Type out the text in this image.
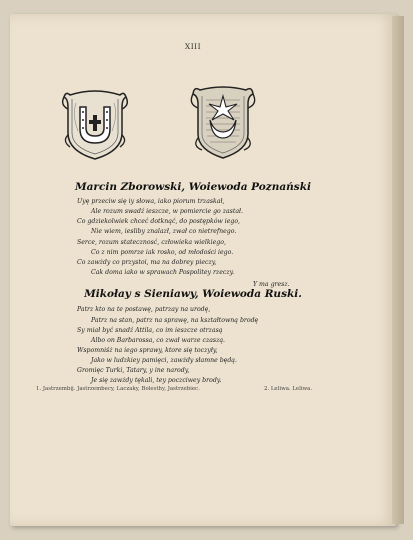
XIII
Marcin Zborowski, Woiewoda Poznański
Uyę przeciw się iy słowa, iako piorum trzaskał,
Ale rozum swadź ieszcze, w pomiercie go zastał.
Co gdziekolwiek chceć dotknąć, do postępków iego,
Nie wiem, iesliby znalazł, zwał co nietrefnego.
Serce, rozum statecznosć, człowieka wielkiego,
Co z nim pomrze iak rosko, od młodości iego.
Co zawżdy co przystoi, ma na dobrey pieczy,
Cak doma iako w sprawach Pospolitey rzeczy.
Y ma gresz.
Mikołay s Sieniawy, Woiewoda Ruski.
Patrz kto na te postawę, patrzay na urodę,
Patrz na stan, patrz na sprawę, na kształtowną brodę
Sy miał być snadź Attila, co im ieszcze otrzasą
Albo on Barbarossa, co zwał warze czaszą.
Wspomniśż na iego sprawy, ktore się toczyły,
Jako w ludzkiey pamięci, zawżdy słamne będą.
Gromięc Turki, Tatary, y ine narody,
Je się zawżdy tękali, tey poczciwey brody.
1. Jastrzembij. Jastrzembecy, Laczaky, Bolesthy, Jastrzebiec.	2. Leliwa. Leliwa.
